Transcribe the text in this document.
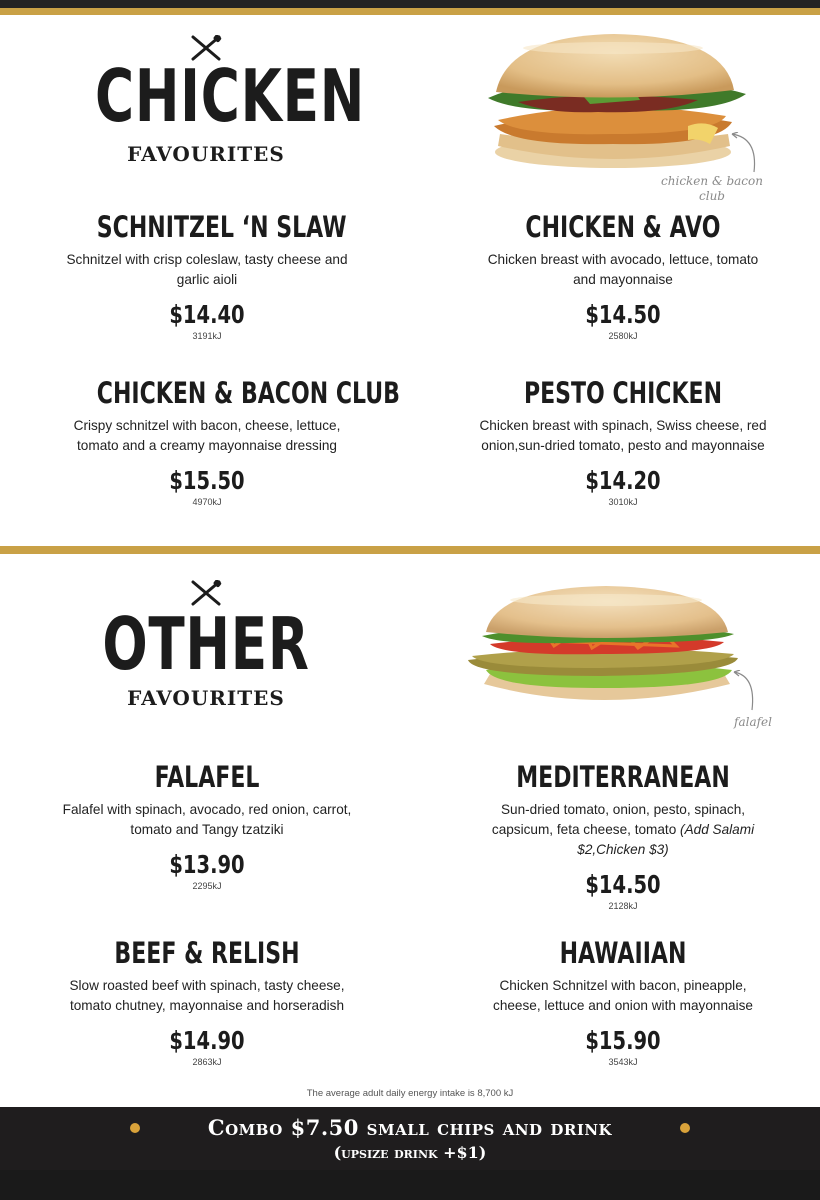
CHICKEN
FAVOURITES
chicken & bacon club
SCHNITZEL ‘N SLAW
Schnitzel with crisp coleslaw, tasty cheese and garlic aioli
$14.40
3191kJ
CHICKEN & AVO
Chicken breast with avocado, lettuce, tomato and mayonnaise
$14.50
2580kJ
CHICKEN & BACON CLUB
Crispy schnitzel with bacon, cheese, lettuce, tomato and a creamy mayonnaise dressing
$15.50
4970kJ
PESTO CHICKEN
Chicken breast with spinach, Swiss cheese, red onion,sun-dried tomato, pesto and mayonnaise
$14.20
3010kJ
OTHER
FAVOURITES
falafel
FALAFEL
Falafel with spinach, avocado, red onion, carrot, tomato and Tangy tzatziki
$13.90
2295kJ
MEDITERRANEAN
Sun-dried tomato, onion, pesto, spinach, capsicum, feta cheese, tomato (Add Salami $2,Chicken $3)
$14.50
2128kJ
BEEF & RELISH
Slow roasted beef with spinach, tasty cheese, tomato chutney, mayonnaise and horseradish
$14.90
2863kJ
HAWAIIAN
Chicken Schnitzel with bacon, pineapple, cheese, lettuce and onion with mayonnaise
$15.90
3543kJ
The average adult daily energy intake is 8,700 kJ
Combo $7.50 small chips and drink
(upsize drink +$1)
